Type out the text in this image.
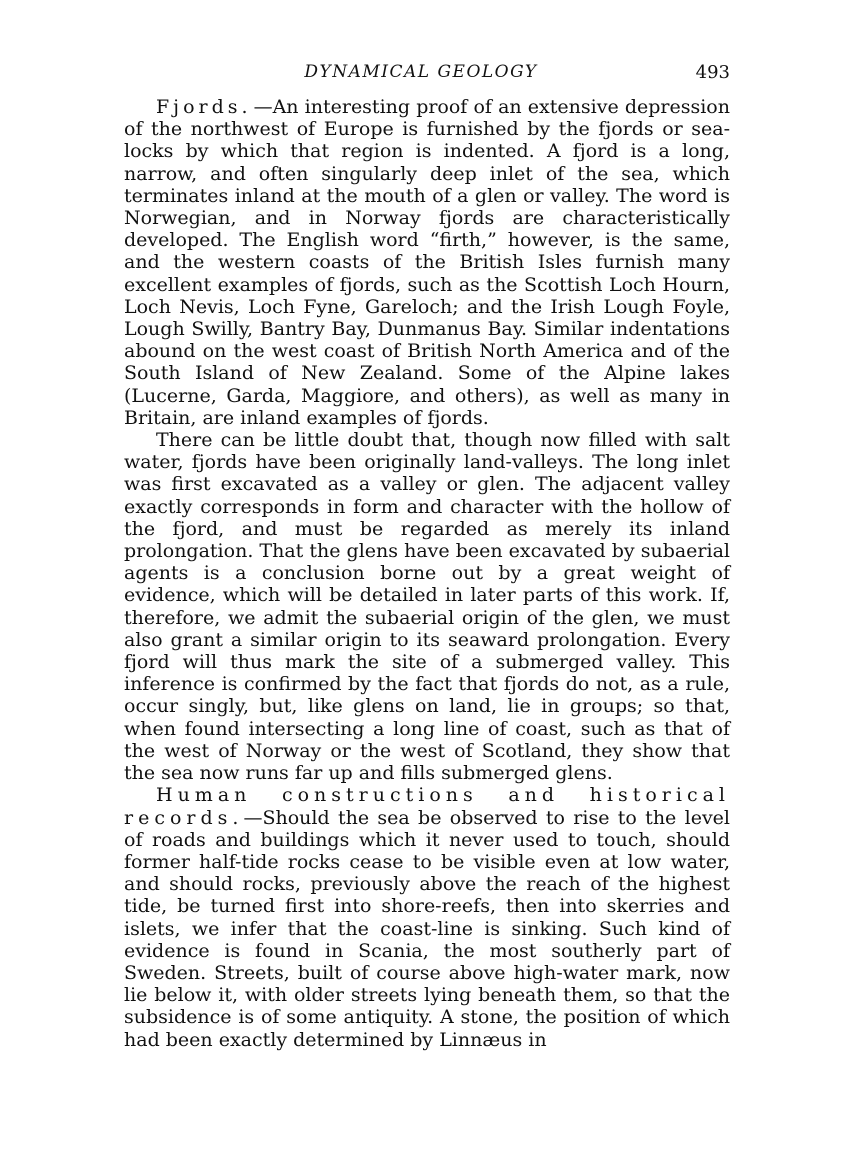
DYNAMICAL GEOLOGY	493

Fjords. —An interesting proof of an extensive depression of the northwest of Europe is furnished by the fjords or sea-locks by which that region is indented. A fjord is a long, narrow, and often singularly deep inlet of the sea, which terminates inland at the mouth of a glen or valley. The word is Norwegian, and in Norway fjords are characteristically developed. The English word “firth,” however, is the same, and the western coasts of the British Isles furnish many excellent examples of fjords, such as the Scottish Loch Hourn, Loch Nevis, Loch Fyne, Gareloch; and the Irish Lough Foyle, Lough Swilly, Bantry Bay, Dunmanus Bay. Similar indentations abound on the west coast of British North America and of the South Island of New Zealand. Some of the Alpine lakes (Lucerne, Garda, Maggiore, and others), as well as many in Britain, are inland examples of fjords.

There can be little doubt that, though now filled with salt water, fjords have been originally land-valleys. The long inlet was first excavated as a valley or glen. The adjacent valley exactly corresponds in form and character with the hollow of the fjord, and must be regarded as merely its inland prolongation. That the glens have been excavated by subaerial agents is a conclusion borne out by a great weight of evidence, which will be detailed in later parts of this work. If, therefore, we admit the subaerial origin of the glen, we must also grant a similar origin to its seaward prolongation. Every fjord will thus mark the site of a submerged valley. This inference is confirmed by the fact that fjords do not, as a rule, occur singly, but, like glens on land, lie in groups; so that, when found intersecting a long line of coast, such as that of the west of Norway or the west of Scotland, they show that the sea now runs far up and fills submerged glens.

Human constructions and historical records.—Should the sea be observed to rise to the level of roads and buildings which it never used to touch, should former half-tide rocks cease to be visible even at low water, and should rocks, previously above the reach of the highest tide, be turned first into shore-reefs, then into skerries and islets, we infer that the coast-line is sinking. Such kind of evidence is found in Scania, the most southerly part of Sweden. Streets, built of course above high-water mark, now lie below it, with older streets lying beneath them, so that the subsidence is of some antiquity. A stone, the position of which had been exactly determined by Linnæus in
